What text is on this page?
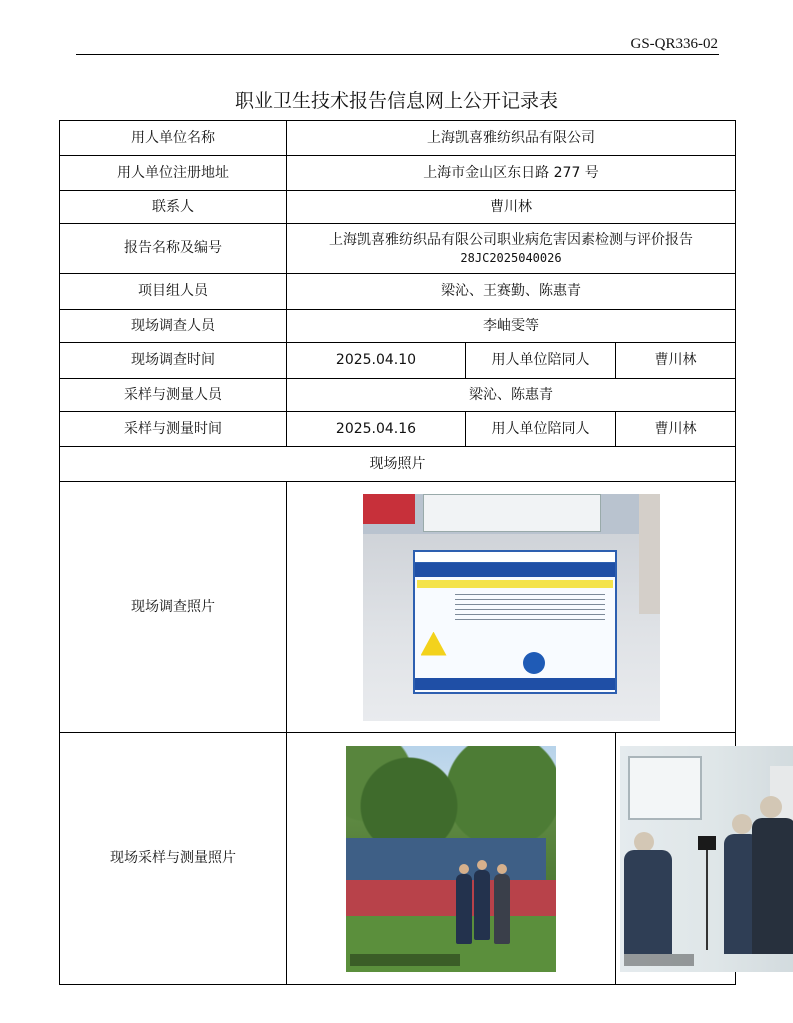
GS-QR336-02
职业卫生技术报告信息网上公开记录表
用人单位名称	上海凯喜雅纺织品有限公司		
用人单位注册地址	上海市金山区东日路 277 号		
联系人	曹川林		
报告名称及编号	上海凯喜雅纺织品有限公司职业病危害因素检测与评价报告
28JC2025040026		

项目组人员	梁沁、王赛勤、陈惠青		
现场调查人员	李岫雯等		
现场调查时间	2025.04.10	用人单位陪同人	曹川林
采样与测量人员	梁沁、陈惠青		
采样与测量时间	2025.04.16	用人单位陪同人	曹川林
现场照片			
现场调查照片			

现场采样与测量照片		
